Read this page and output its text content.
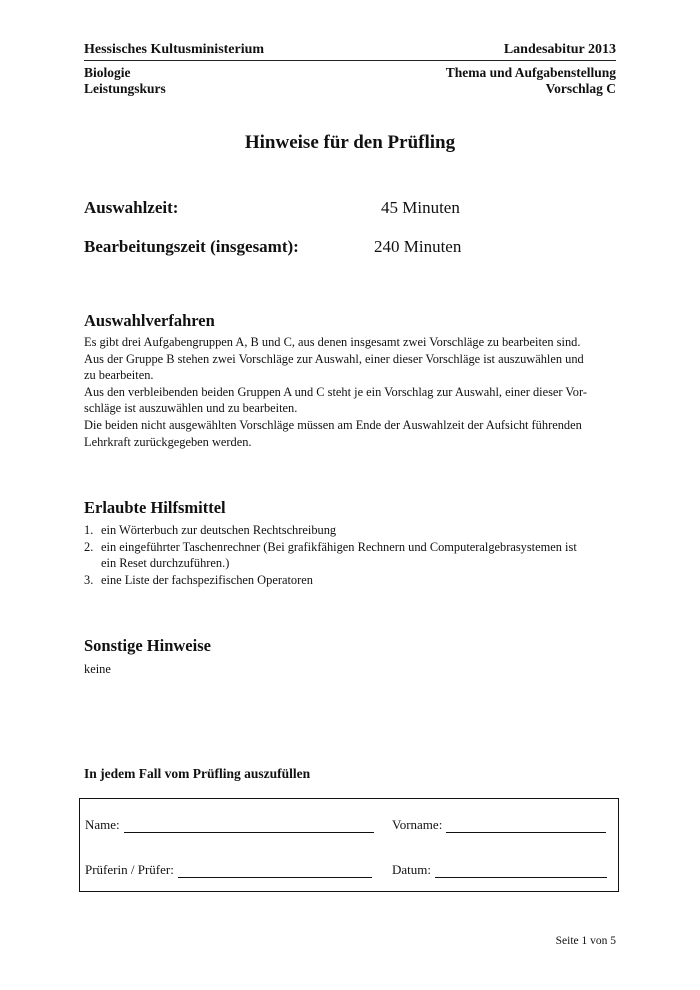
Hessisches Kultusministerium	Landesabitur 2013
Biologie
Leistungskurs
Thema und Aufgabenstellung
Vorschlag C
Hinweise für den Prüfling
Auswahlzeit:	45 Minuten
Bearbeitungszeit (insgesamt):	240 Minuten
Auswahlverfahren

Es gibt drei Aufgabengruppen A, B und C, aus denen insgesamt zwei Vorschläge zu bearbeiten sind.

Aus der Gruppe B stehen zwei Vorschläge zur Auswahl, einer dieser Vorschläge ist auszuwählen und

zu bearbeiten.

Aus den verbleibenden beiden Gruppen A und C steht je ein Vorschlag zur Auswahl, einer dieser Vor-

schläge ist auszuwählen und zu bearbeiten.

Die beiden nicht ausgewählten Vorschläge müssen am Ende der Auswahlzeit der Aufsicht führenden

Lehrkraft zurückgegeben werden.

Erlaubte Hilfsmittel
1. ein Wörterbuch zur deutschen Rechtschreibung
2. ein eingeführter Taschenrechner (Bei grafikfähigen Rechnern und Computeralgebrasystemen ist
ein Reset durchzuführen.)
3. eine Liste der fachspezifischen Operatoren
Sonstige Hinweise
keine
In jedem Fall vom Prüfling auszufüllen
Name:	Vorname:
Prüferin / Prüfer:	Datum:
Seite 1 von 5
